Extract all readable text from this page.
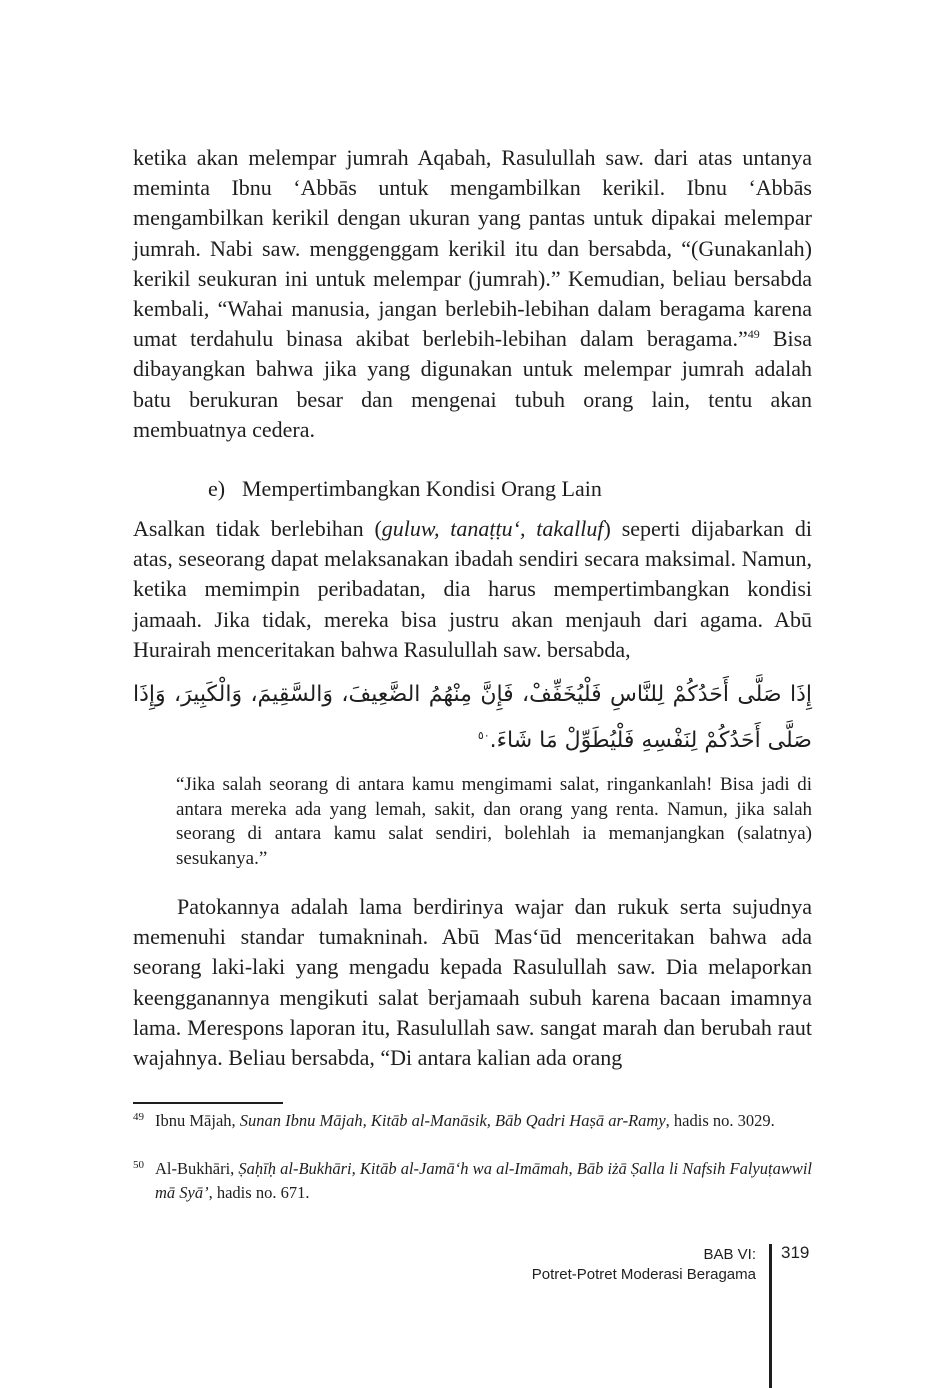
ketika akan melempar jumrah Aqabah, Rasulullah saw. dari atas untanya meminta Ibnu ‘Abbās untuk mengambilkan kerikil. Ibnu ‘Abbās mengambilkan kerikil dengan ukuran yang pantas untuk dipakai melempar jumrah. Nabi saw. menggenggam kerikil itu dan bersabda, “(Gunakanlah) kerikil seukuran ini untuk melempar (jumrah).” Kemudian, beliau bersabda kembali, “Wahai manusia, jangan berlebih-lebihan dalam beragama karena umat terdahulu binasa akibat berlebih-lebihan dalam beragama.”$^{49}$ Bisa dibayangkan bahwa jika yang digunakan untuk melempar jumrah adalah batu berukuran besar dan mengenai tubuh orang lain, tentu akan membuatnya cedera.

e) Mempertimbangkan Kondisi Orang Lain

Asalkan tidak berlebihan (guluw, tanaṭṭu‘, takalluf) seperti dijabarkan di atas, seseorang dapat melaksanakan ibadah sendiri secara maksimal. Namun, ketika memimpin peribadatan, dia harus mempertimbangkan kondisi jamaah. Jika tidak, mereka bisa justru akan menjauh dari agama. Abū Hurairah menceritakan bahwa Rasulullah saw. bersabda,

إِذَا صَلَّى أَحَدُكُمْ لِلنَّاسِ فَلْيُخَفِّفْ، فَإِنَّ مِنْهُمُ الضَّعِيفَ، وَالسَّقِيمَ، وَالْكَبِيرَ، وَإِذَا صَلَّى أَحَدُكُمْ لِنَفْسِهِ فَلْيُطَوِّلْ مَا شَاءَ.$^{٥٠}$

“Jika salah seorang di antara kamu mengimami salat, ringankanlah! Bisa jadi di antara mereka ada yang lemah, sakit, dan orang yang renta. Namun, jika salah seorang di antara kamu salat sendiri, bolehlah ia memanjangkan (salatnya) sesukanya.”

Patokannya adalah lama berdirinya wajar dan rukuk serta sujudnya memenuhi standar tumakninah. Abū Mas‘ūd menceritakan bahwa ada seorang laki-laki yang mengadu kepada Rasulullah saw. Dia melaporkan keengganannya mengikuti salat berjamaah subuh karena bacaan imamnya lama. Merespons laporan itu, Rasulullah saw. sangat marah dan berubah raut wajahnya. Beliau bersabda, “Di antara kalian ada orang

49 Ibnu Mājah, Sunan Ibnu Mājah, Kitāb al-Manāsik, Bāb Qadri Haṣā ar-Ramy, hadis no. 3029.

50 Al-Bukhāri, Ṣaḥīḥ al-Bukhāri, Kitāb al-Jamā‘h wa al-Imāmah, Bāb iżā Ṣalla li Nafsih Falyuṭawwil mā Syā’, hadis no. 671.

BAB VI:
Potret-Potret Moderasi Beragama
319
